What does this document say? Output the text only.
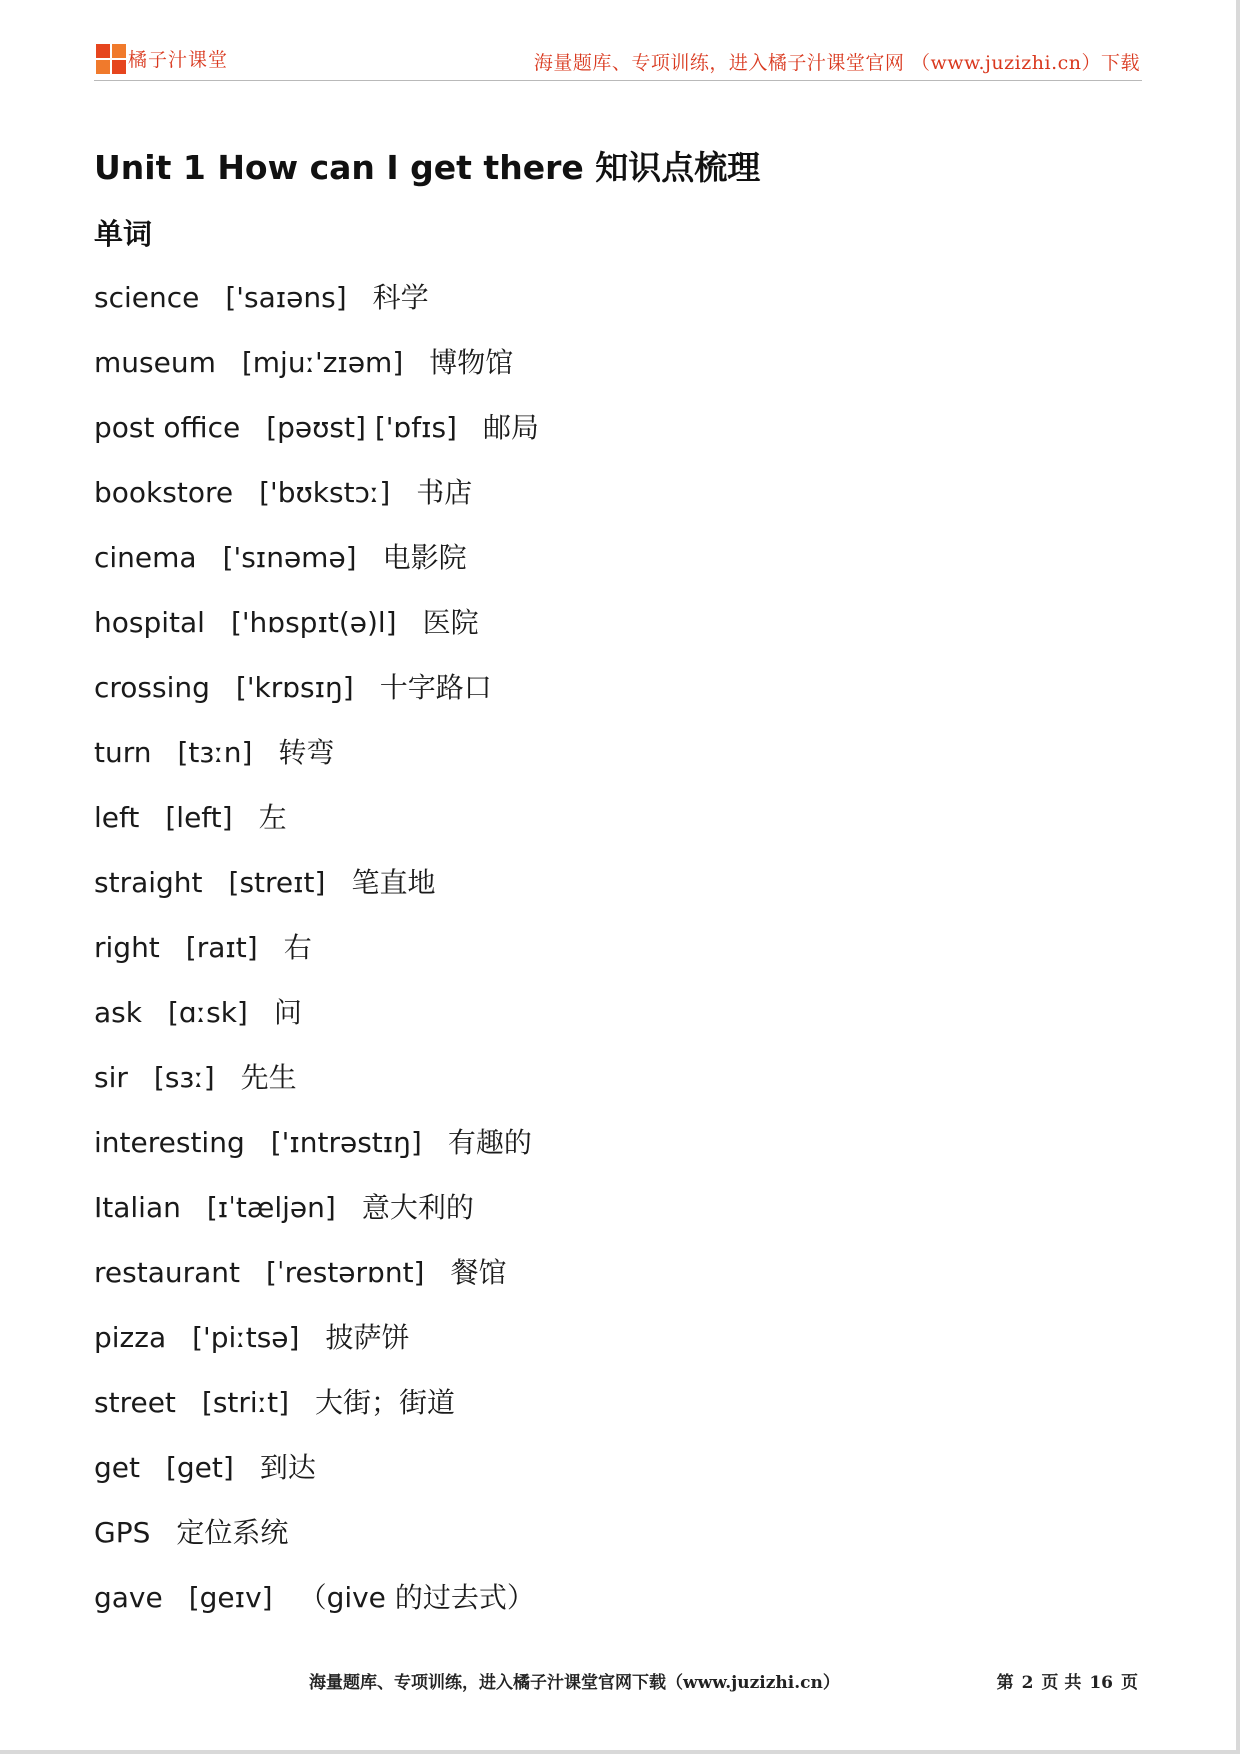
橘子汁课堂	海量题库、专项训练，进入橘子汁课堂官网 （www.juzizhi.cn）下载
Unit 1 How can I get there 知识点梳理
单词
science ['saɪəns] 科学
museum [mjuː'zɪəm] 博物馆
post office [pəʊst] ['ɒfɪs] 邮局
bookstore ['bʊkstɔː] 书店
cinema ['sɪnəmə] 电影院
hospital ['hɒspɪt(ə)l] 医院
crossing ['krɒsɪŋ] 十字路口
turn [tɜːn] 转弯
left [left] 左
straight [streɪt] 笔直地
right [raɪt] 右
ask [ɑːsk] 问
sir [sɜː] 先生
interesting ['ɪntrəstɪŋ] 有趣的
Italian [ɪˈtæljən] 意大利的
restaurant [ˈrestərɒnt] 餐馆
pizza ['piːtsə] 披萨饼
street [striːt] 大街；街道
get [get] 到达
GPS 定位系统
gave [geɪv] （give 的过去式）
海量题库、专项训练，进入橘子汁课堂官网下载（www.juzizhi.cn）	第 2 页 共 16 页
